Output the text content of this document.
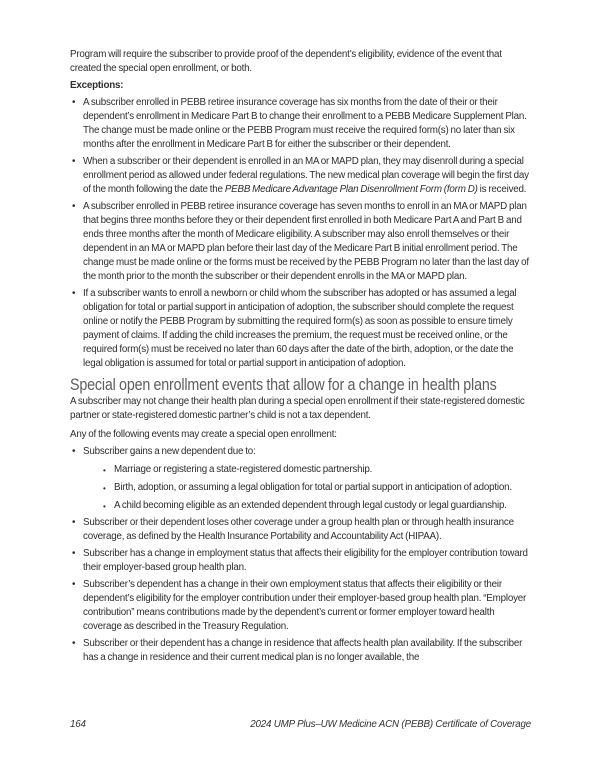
Program will require the subscriber to provide proof of the dependent’s eligibility, evidence of the event that created the special open enrollment, or both.

Exceptions:

• A subscriber enrolled in PEBB retiree insurance coverage has six months from the date of their or their dependent’s enrollment in Medicare Part B to change their enrollment to a PEBB Medicare Supplement Plan. The change must be made online or the PEBB Program must receive the required form(s) no later than six months after the enrollment in Medicare Part B for either the subscriber or their dependent.
• When a subscriber or their dependent is enrolled in an MA or MAPD plan, they may disenroll during a special enrollment period as allowed under federal regulations. The new medical plan coverage will begin the first day of the month following the date the PEBB Medicare Advantage Plan Disenrollment Form (form D) is received.
• A subscriber enrolled in PEBB retiree insurance coverage has seven months to enroll in an MA or MAPD plan that begins three months before they or their dependent first enrolled in both Medicare Part A and Part B and ends three months after the month of Medicare eligibility. A subscriber may also enroll themselves or their dependent in an MA or MAPD plan before their last day of the Medicare Part B initial enrollment period. The change must be made online or the forms must be received by the PEBB Program no later than the last day of the month prior to the month the subscriber or their dependent enrolls in the MA or MAPD plan.
• If a subscriber wants to enroll a newborn or child whom the subscriber has adopted or has assumed a legal obligation for total or partial support in anticipation of adoption, the subscriber should complete the request online or notify the PEBB Program by submitting the required form(s) as soon as possible to ensure timely payment of claims. If adding the child increases the premium, the request must be received online, or the required form(s) must be received no later than 60 days after the date of the birth, adoption, or the date the legal obligation is assumed for total or partial support in anticipation of adoption.
Special open enrollment events that allow for a change in health plans

A subscriber may not change their health plan during a special open enrollment if their state-registered domestic partner or state-registered domestic partner’s child is not a tax dependent.

Any of the following events may create a special open enrollment:

• Subscriber gains a new dependent due to:
• Marriage or registering a state-registered domestic partnership.
• Birth, adoption, or assuming a legal obligation for total or partial support in anticipation of adoption.
• A child becoming eligible as an extended dependent through legal custody or legal guardianship.
• Subscriber or their dependent loses other coverage under a group health plan or through health insurance coverage, as defined by the Health Insurance Portability and Accountability Act (HIPAA).
• Subscriber has a change in employment status that affects their eligibility for the employer contribution toward their employer-based group health plan.
• Subscriber’s dependent has a change in their own employment status that affects their eligibility or their dependent’s eligibility for the employer contribution under their employer-based group health plan. “Employer contribution” means contributions made by the dependent’s current or former employer toward health coverage as described in the Treasury Regulation.
• Subscriber or their dependent has a change in residence that affects health plan availability. If the subscriber has a change in residence and their current medical plan is no longer available, the
164	2024 UMP Plus–UW Medicine ACN (PEBB) Certificate of Coverage
